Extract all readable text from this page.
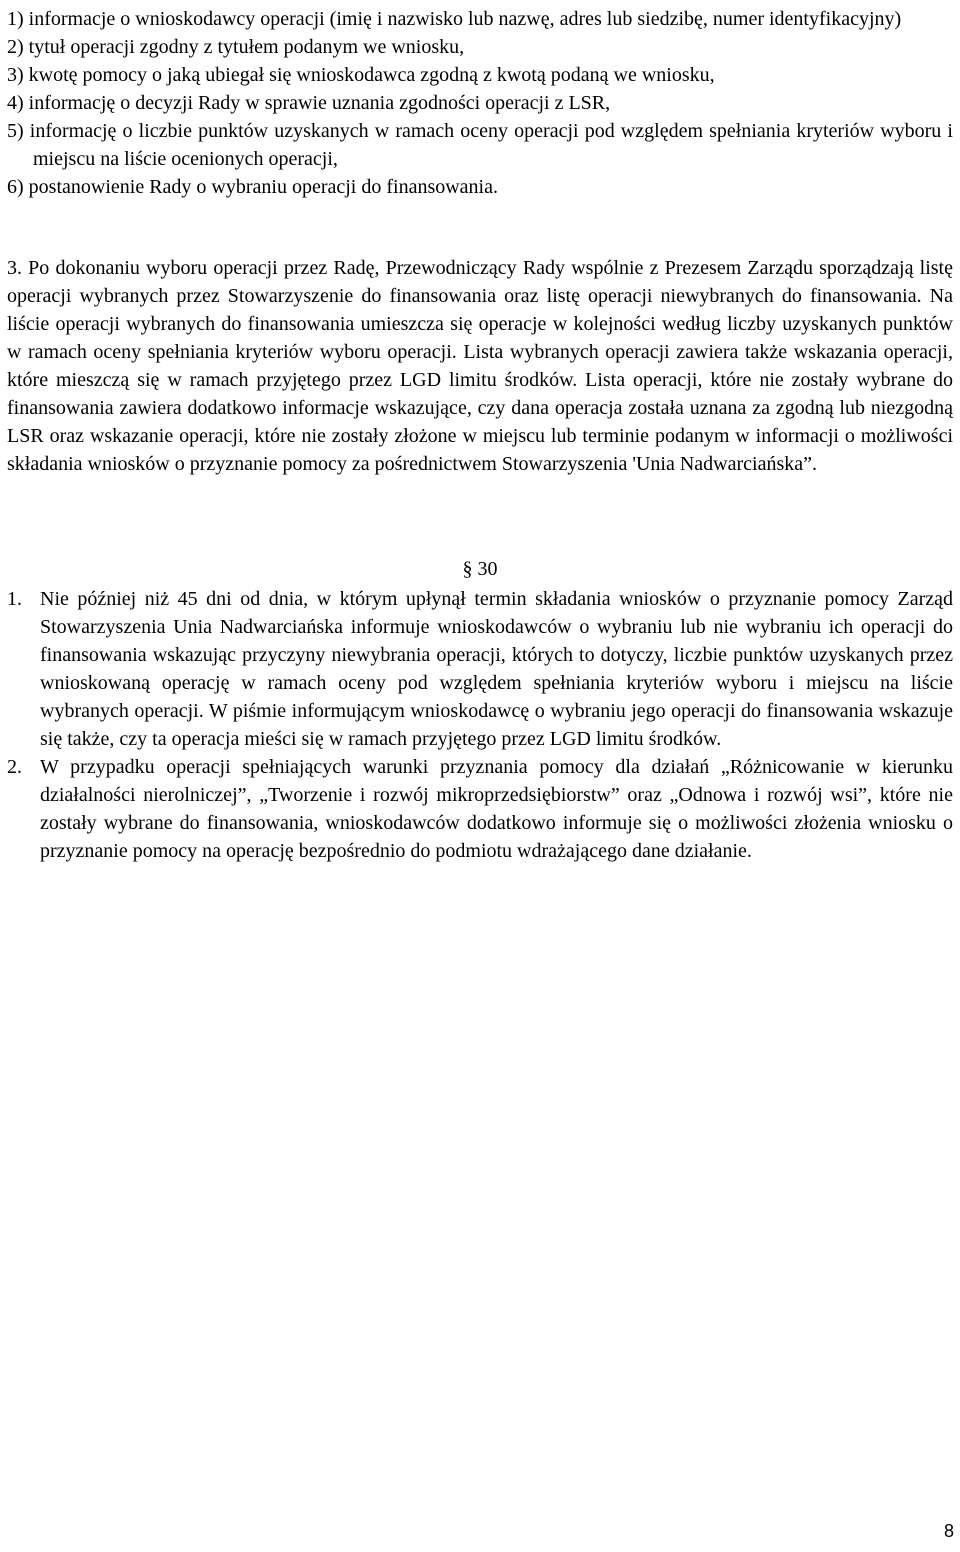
1) informacje o wnioskodawcy operacji (imię i nazwisko lub nazwę, adres lub siedzibę, numer identyfikacyjny)
2) tytuł operacji zgodny z tytułem podanym we wniosku,
3) kwotę pomocy o jaką ubiegał się wnioskodawca zgodną z kwotą podaną we wniosku,
4) informację o decyzji Rady w sprawie uznania zgodności operacji z LSR,
5) informację o liczbie punktów uzyskanych w ramach oceny operacji pod względem spełniania kryteriów wyboru i miejscu na liście ocenionych operacji,
6) postanowienie Rady o wybraniu operacji do finansowania.
3. Po dokonaniu wyboru operacji przez Radę, Przewodniczący Rady wspólnie z Prezesem Zarządu sporządzają listę operacji wybranych przez Stowarzyszenie do finansowania oraz listę operacji niewybranych do finansowania. Na liście operacji wybranych do finansowania umieszcza się operacje w kolejności według liczby uzyskanych punktów w ramach oceny spełniania kryteriów wyboru operacji. Lista wybranych operacji zawiera także wskazania operacji, które mieszczą się w ramach przyjętego przez LGD limitu środków. Lista operacji, które nie zostały wybrane do finansowania zawiera dodatkowo informacje wskazujące, czy dana operacja została uznana za zgodną lub niezgodną LSR oraz wskazanie operacji, które nie zostały złożone w miejscu lub terminie podanym w informacji o możliwości składania wniosków o przyznanie pomocy za pośrednictwem Stowarzyszenia 'Unia Nadwarciańska”.
§ 30
1. Nie później niż 45 dni od dnia, w którym upłynął termin składania wniosków o przyznanie pomocy Zarząd Stowarzyszenia Unia Nadwarciańska informuje wnioskodawców o wybraniu lub nie wybraniu ich operacji do finansowania wskazując przyczyny niewybrania operacji, których to dotyczy, liczbie punktów uzyskanych przez wnioskowaną operację w ramach oceny pod względem spełniania kryteriów wyboru i miejscu na liście wybranych operacji. W piśmie informującym wnioskodawcę o wybraniu jego operacji do finansowania wskazuje się także, czy ta operacja mieści się w ramach przyjętego przez LGD limitu środków.
2. W przypadku operacji spełniających warunki przyznania pomocy dla działań „Różnicowanie w kierunku działalności nierolniczej”, „Tworzenie i rozwój mikroprzedsiębiorstw” oraz „Odnowa i rozwój wsi”, które nie zostały wybrane do finansowania, wnioskodawców dodatkowo informuje się o możliwości złożenia wniosku o przyznanie pomocy na operację bezpośrednio do podmiotu wdrażającego dane działanie.
8
